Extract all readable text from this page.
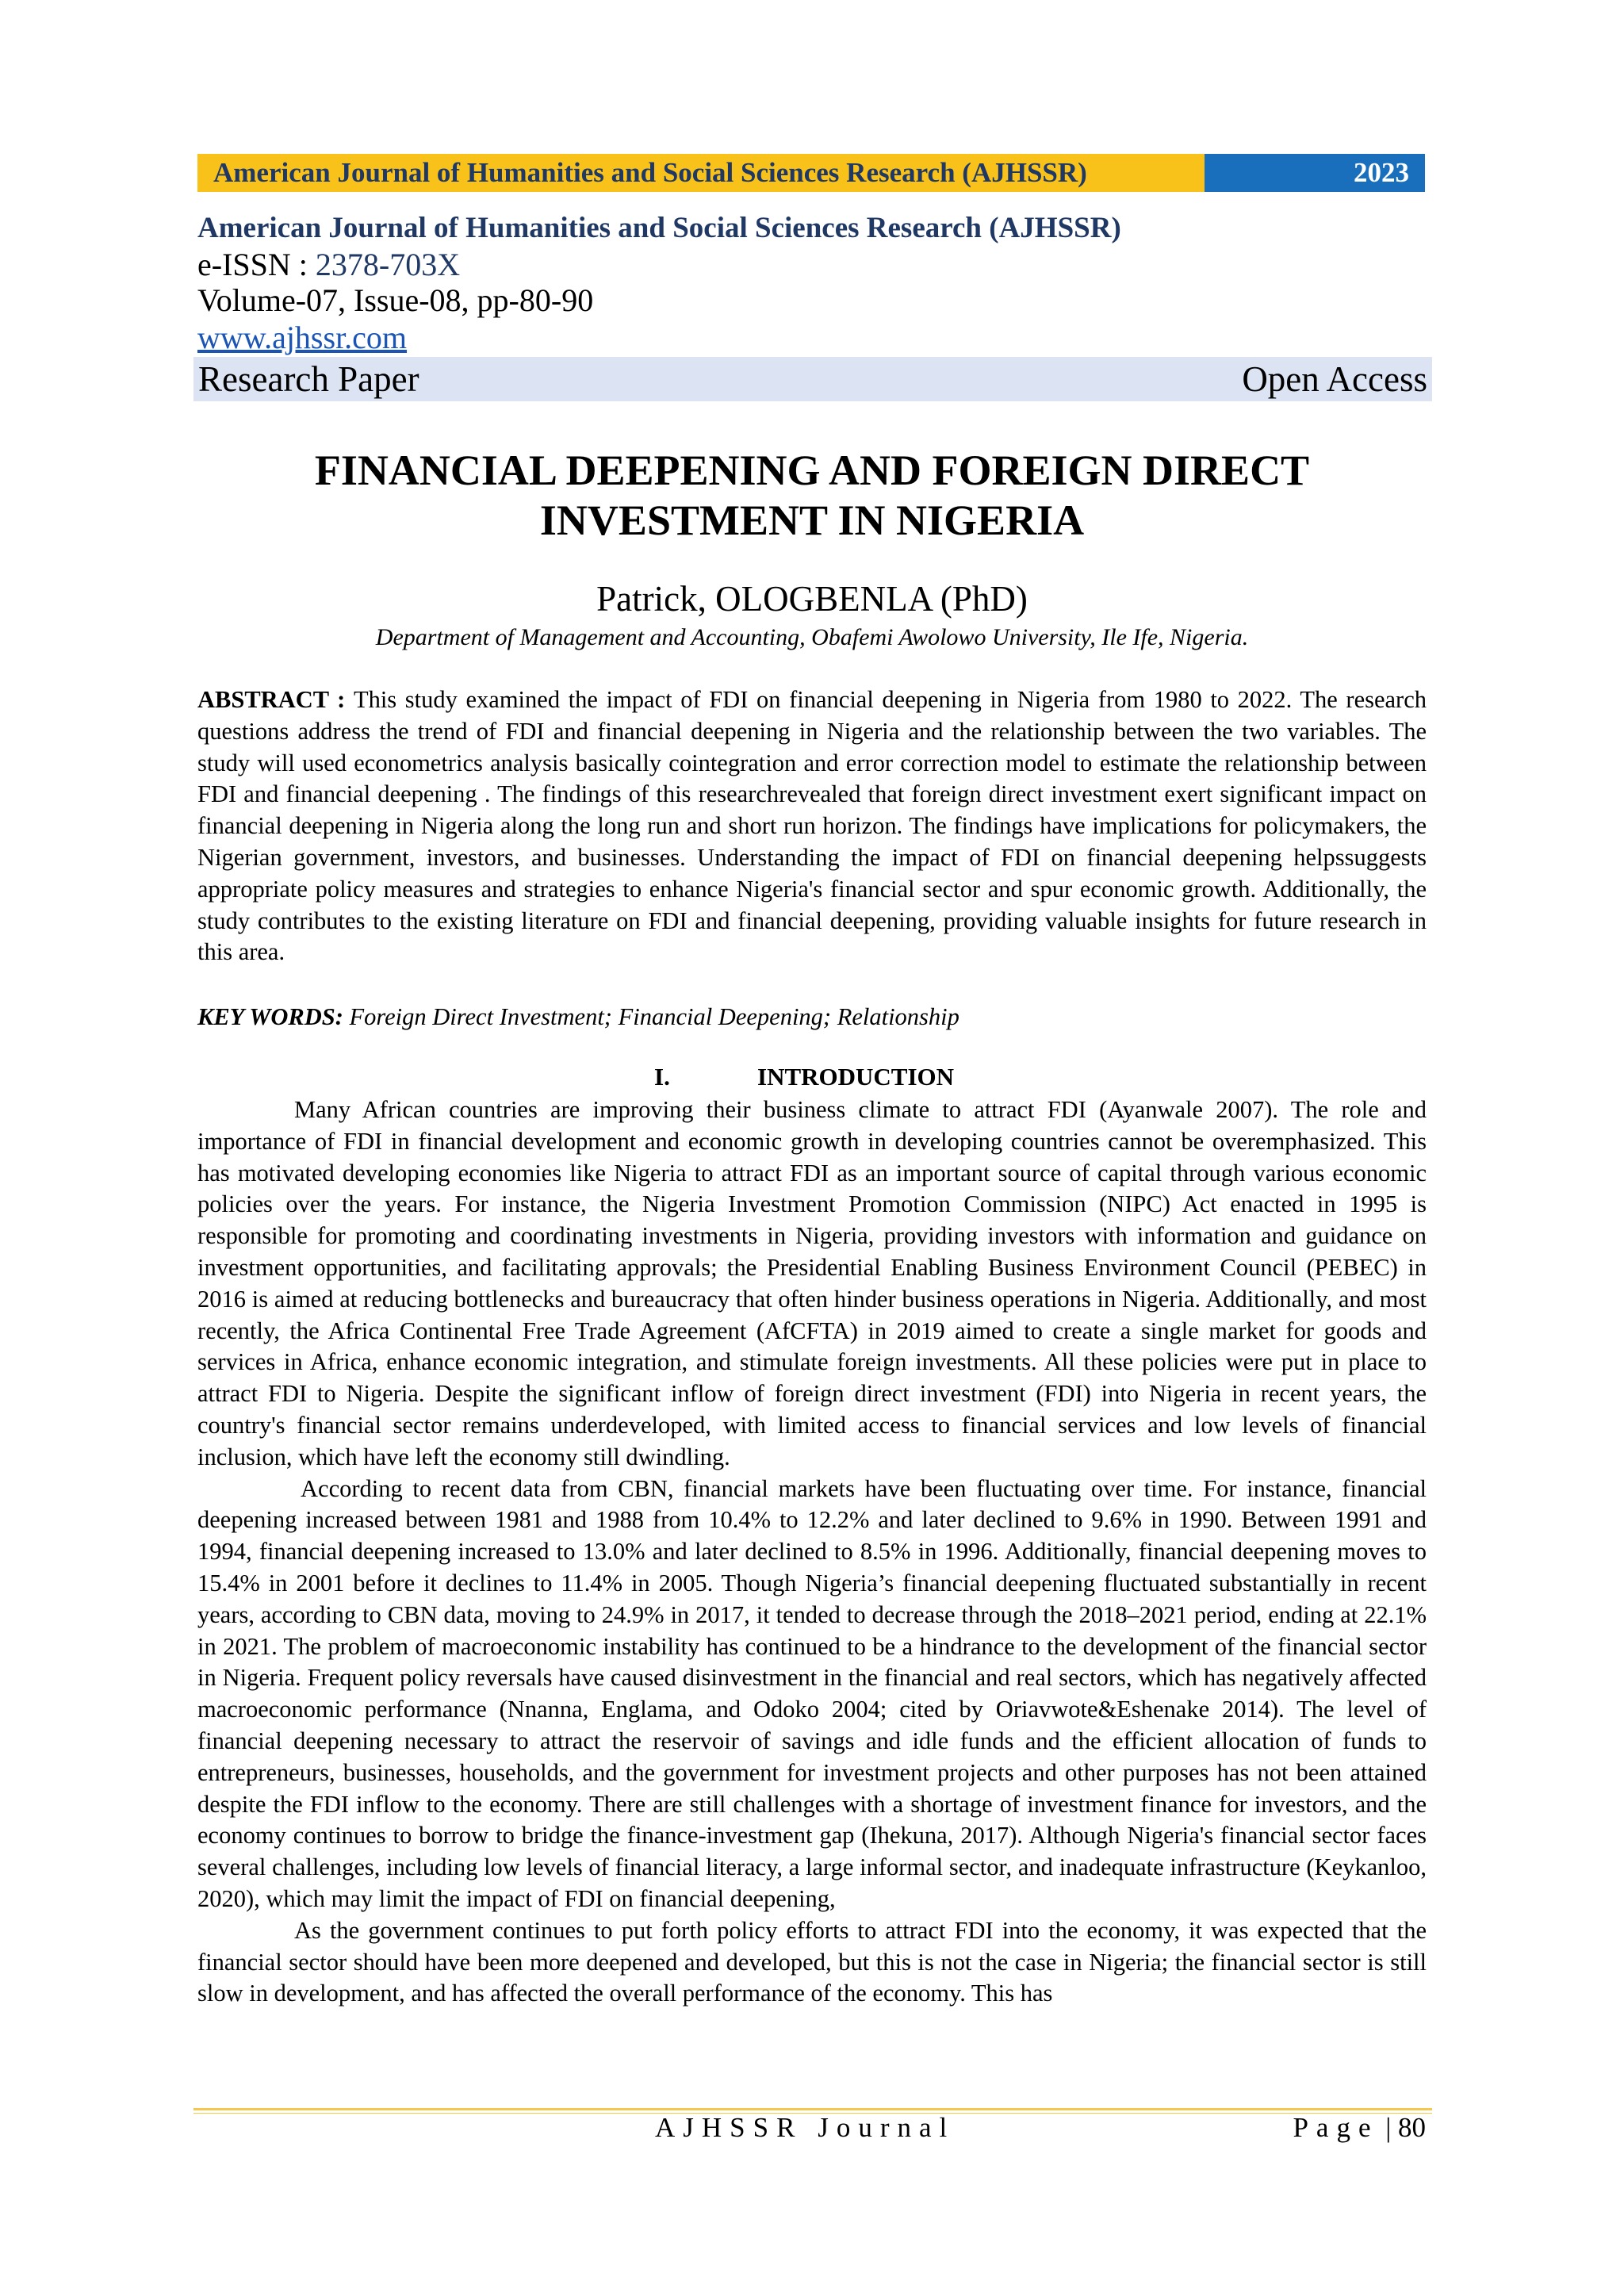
American Journal of Humanities and Social Sciences Research (AJHSSR)	2023
American Journal of Humanities and Social Sciences Research (AJHSSR)
e-ISSN : 2378-703X
Volume-07, Issue-08, pp-80-90
www.ajhssr.com
Research Paper	Open Access
FINANCIAL DEEPENING AND FOREIGN DIRECT
INVESTMENT IN NIGERIA
Patrick, OLOGBENLA (PhD)
Department of Management and Accounting, Obafemi Awolowo University, Ile Ife, Nigeria.
ABSTRACT : This study examined the impact of FDI on financial deepening in Nigeria from 1980 to 2022. The research questions address the trend of FDI and financial deepening in Nigeria and the relationship between the two variables. The study will used econometrics analysis basically cointegration and error correction model to estimate the relationship between FDI and financial deepening . The findings of this researchrevealed that foreign direct investment exert significant impact on financial deepening in Nigeria along the long run and short run horizon. The findings have implications for policymakers, the Nigerian government, investors, and businesses. Understanding the impact of FDI on financial deepening helpssuggests appropriate policy measures and strategies to enhance Nigeria's financial sector and spur economic growth. Additionally, the study contributes to the existing literature on FDI and financial deepening, providing valuable insights for future research in this area.
KEY WORDS: Foreign Direct Investment; Financial Deepening; Relationship
I.	INTRODUCTION

Many African countries are improving their business climate to attract FDI (Ayanwale 2007). The role and importance of FDI in financial development and economic growth in developing countries cannot be overemphasized. This has motivated developing economies like Nigeria to attract FDI as an important source of capital through various economic policies over the years. For instance, the Nigeria Investment Promotion Commission (NIPC) Act enacted in 1995 is responsible for promoting and coordinating investments in Nigeria, providing investors with information and guidance on investment opportunities, and facilitating approvals; the Presidential Enabling Business Environment Council (PEBEC) in 2016 is aimed at reducing bottlenecks and bureaucracy that often hinder business operations in Nigeria. Additionally, and most recently, the Africa Continental Free Trade Agreement (AfCFTA) in 2019 aimed to create a single market for goods and services in Africa, enhance economic integration, and stimulate foreign investments. All these policies were put in place to attract FDI to Nigeria. Despite the significant inflow of foreign direct investment (FDI) into Nigeria in recent years, the country's financial sector remains underdeveloped, with limited access to financial services and low levels of financial inclusion, which have left the economy still dwindling.

According to recent data from CBN, financial markets have been fluctuating over time. For instance, financial deepening increased between 1981 and 1988 from 10.4% to 12.2% and later declined to 9.6% in 1990. Between 1991 and 1994, financial deepening increased to 13.0% and later declined to 8.5% in 1996. Additionally, financial deepening moves to 15.4% in 2001 before it declines to 11.4% in 2005. Though Nigeria’s financial deepening fluctuated substantially in recent years, according to CBN data, moving to 24.9% in 2017, it tended to decrease through the 2018–2021 period, ending at 22.1% in 2021. The problem of macroeconomic instability has continued to be a hindrance to the development of the financial sector in Nigeria. Frequent policy reversals have caused disinvestment in the financial and real sectors, which has negatively affected macroeconomic performance (Nnanna, Englama, and Odoko 2004; cited by Oriavwote&Eshenake 2014). The level of financial deepening necessary to attract the reservoir of savings and idle funds and the efficient allocation of funds to entrepreneurs, businesses, households, and the government for investment projects and other purposes has not been attained despite the FDI inflow to the economy. There are still challenges with a shortage of investment finance for investors, and the economy continues to borrow to bridge the finance-investment gap (Ihekuna, 2017). Although Nigeria's financial sector faces several challenges, including low levels of financial literacy, a large informal sector, and inadequate infrastructure (Keykanloo, 2020), which may limit the impact of FDI on financial deepening,

As the government continues to put forth policy efforts to attract FDI into the economy, it was expected that the financial sector should have been more deepened and developed, but this is not the case in Nigeria; the financial sector is still slow in development, and has affected the overall performance of the economy. This has

AJHSSR Journal	Page | 80
